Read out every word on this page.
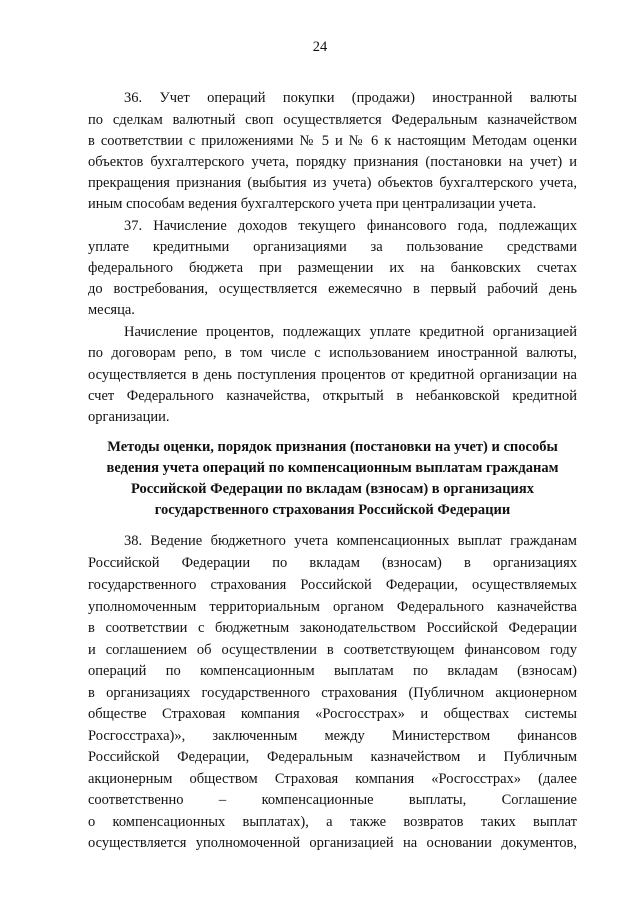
24
36. Учет операций покупки (продажи) иностранной валюты
по сделкам валютный своп осуществляется Федеральным казначейством
в соответствии с приложениями № 5 и № 6 к настоящим Методам оценки
объектов бухгалтерского учета, порядку признания (постановки на учет) и
прекращения признания (выбытия из учета) объектов бухгалтерского учета,
иным способам ведения бухгалтерского учета при централизации учета.
37. Начисление доходов текущего финансового года, подлежащих
уплате кредитными организациями за пользование средствами
федерального бюджета при размещении их на банковских счетах
до востребования, осуществляется ежемесячно в первый рабочий день
месяца.
Начисление процентов, подлежащих уплате кредитной организацией
по договорам репо, в том числе с использованием иностранной валюты,
осуществляется в день поступления процентов от кредитной организации на
счет Федерального казначейства, открытый в небанковской кредитной
организации.
Методы оценки, порядок признания (постановки на учет) и способы
ведения учета операций по компенсационным выплатам гражданам
Российской Федерации по вкладам (взносам) в организациях
государственного страхования Российской Федерации
38. Ведение бюджетного учета компенсационных выплат гражданам
Российской Федерации по вкладам (взносам) в организациях
государственного страхования Российской Федерации, осуществляемых
уполномоченным территориальным органом Федерального казначейства
в соответствии с бюджетным законодательством Российской Федерации
и соглашением об осуществлении в соответствующем финансовом году
операций по компенсационным выплатам по вкладам (взносам)
в организациях государственного страхования (Публичном акционерном
обществе Страховая компания «Росгосстрах» и обществах системы
Росгосстраха)», заключенным между Министерством финансов
Российской Федерации, Федеральным казначейством и Публичным
акционерным обществом Страховая компания «Росгосстрах» (далее
соответственно – компенсационные выплаты, Соглашение
о компенсационных выплатах), а также возвратов таких выплат
осуществляется уполномоченной организацией на основании документов,
